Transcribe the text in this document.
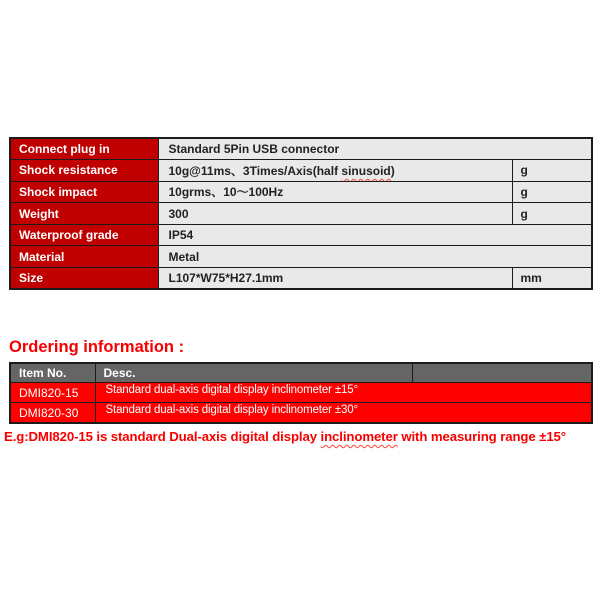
Connect plug in	Standard 5Pin USB connector	
Shock resistance	10g@11ms、3Times/Axis(half sinusoid)	g
Shock impact	10grms、10～100Hz	g
Weight	300	g
Waterproof grade	IP54	
Material	Metal	
Size	L107*W75*H27.1mm	mm
Ordering information :
Item No.	Desc.	
DMI820-15	Standard dual-axis digital display inclinometer ±15°	
DMI820-30	Standard dual-axis digital display inclinometer ±30°	
E.g:DMI820-15 is standard Dual-axis digital display inclinometer with measuring range ±15°
